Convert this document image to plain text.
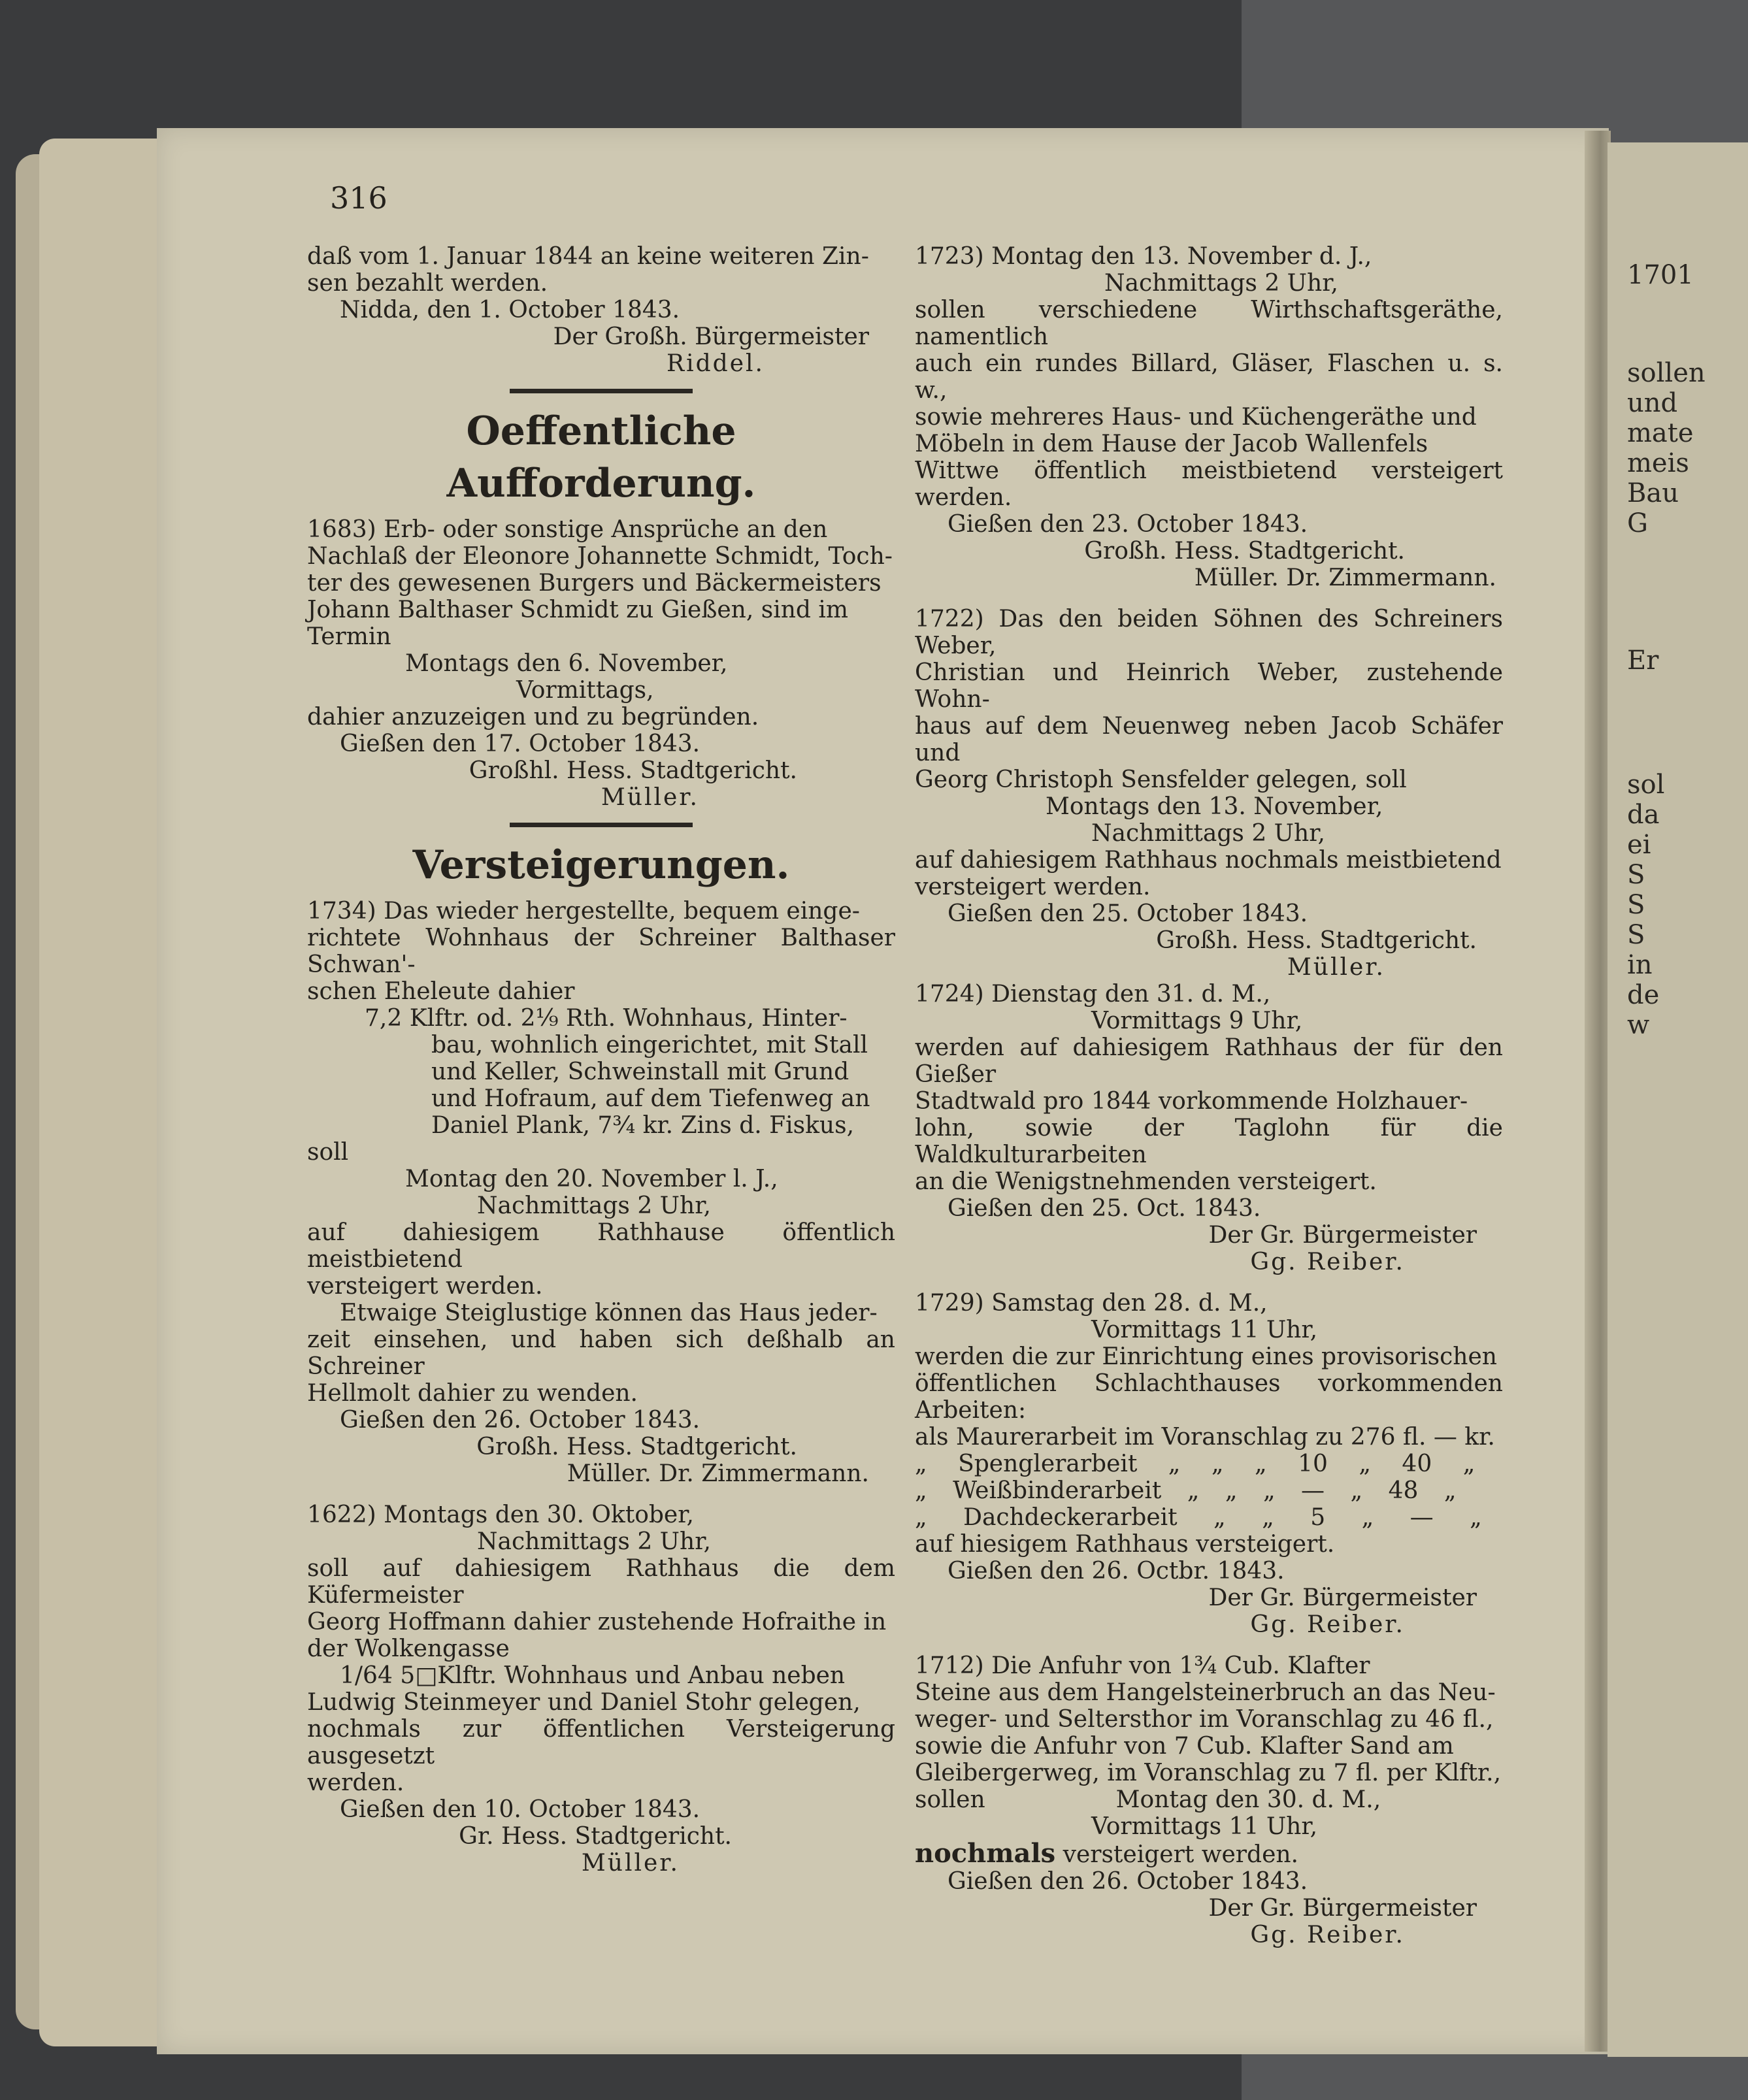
1701
sollen
und
mate
meis
Bau
G
Er
sol
da
ei
S
S
S
in
de
w
316

daß vom 1. Januar 1844 an keine weiteren Zin-

sen bezahlt werden.

Nidda, den 1. October 1843.

Der Großh. Bürgermeister

Riddel.

Oeffentliche Aufforderung.

1683) Erb- oder sonstige Ansprüche an den

Nachlaß der Eleonore Johannette Schmidt, Toch-

ter des gewesenen Burgers und Bäckermeisters

Johann Balthaser Schmidt zu Gießen, sind im

Termin

Montags den 6. November,

Vormittags,

dahier anzuzeigen und zu begründen.

Gießen den 17. October 1843.

Großhl. Hess. Stadtgericht.

Müller.

Versteigerungen.

1734) Das wieder hergestellte, bequem einge-

richtete Wohnhaus der Schreiner Balthaser Schwan'-

schen Eheleute dahier

7,2 Klftr. od. 2⅑ Rth. Wohnhaus, Hinter-

bau, wohnlich eingerichtet, mit Stall

und Keller, Schweinstall mit Grund

und Hofraum, auf dem Tiefenweg an

Daniel Plank, 7¾ kr. Zins d. Fiskus,

soll

Montag den 20. November l. J.,

Nachmittags 2 Uhr,

auf dahiesigem Rathhause öffentlich meistbietend

versteigert werden.

Etwaige Steiglustige können das Haus jeder-

zeit einsehen, und haben sich deßhalb an Schreiner

Hellmolt dahier zu wenden.

Gießen den 26. October 1843.

Großh. Hess. Stadtgericht.

Müller. Dr. Zimmermann.

1622) Montags den 30. Oktober,

Nachmittags 2 Uhr,

soll auf dahiesigem Rathhaus die dem Küfermeister

Georg Hoffmann dahier zustehende Hofraithe in

der Wolkengasse

1/64 5□Klftr. Wohnhaus und Anbau neben

Ludwig Steinmeyer und Daniel Stohr gelegen,

nochmals zur öffentlichen Versteigerung ausgesetzt

werden.

Gießen den 10. October 1843.

Gr. Hess. Stadtgericht.

Müller.

1723) Montag den 13. November d. J.,

Nachmittags 2 Uhr,

sollen verschiedene Wirthschaftsgeräthe, namentlich

auch ein rundes Billard, Gläser, Flaschen u. s. w.,

sowie mehreres Haus- und Küchengeräthe und

Möbeln in dem Hause der Jacob Wallenfels

Wittwe öffentlich meistbietend versteigert werden.

Gießen den 23. October 1843.

Großh. Hess. Stadtgericht.

Müller. Dr. Zimmermann.

1722) Das den beiden Söhnen des Schreiners Weber,

Christian und Heinrich Weber, zustehende Wohn-

haus auf dem Neuenweg neben Jacob Schäfer und

Georg Christoph Sensfelder gelegen, soll

Montags den 13. November,

Nachmittags 2 Uhr,

auf dahiesigem Rathhaus nochmals meistbietend

versteigert werden.

Gießen den 25. October 1843.

Großh. Hess. Stadtgericht.

Müller.

1724) Dienstag den 31. d. M.,

Vormittags 9 Uhr,

werden auf dahiesigem Rathhaus der für den Gießer

Stadtwald pro 1844 vorkommende Holzhauer-

lohn, sowie der Taglohn für die Waldkulturarbeiten

an die Wenigstnehmenden versteigert.

Gießen den 25. Oct. 1843.

Der Gr. Bürgermeister

Gg. Reiber.

1729) Samstag den 28. d. M.,

Vormittags 11 Uhr,

werden die zur Einrichtung eines provisorischen

öffentlichen Schlachthauses vorkommenden Arbeiten:

als Maurerarbeit im Voranschlag zu 276 fl. — kr.

„ Spenglerarbeit „ „ „ 10 „ 40 „

„ Weißbinderarbeit „ „ „ — „ 48 „

„ Dachdeckerarbeit „ „ 5 „ — „

auf hiesigem Rathhaus versteigert.

Gießen den 26. Octbr. 1843.

Der Gr. Bürgermeister

Gg. Reiber.

1712) Die Anfuhr von 1¾ Cub. Klafter

Steine aus dem Hangelsteinerbruch an das Neu-

weger- und Seltersthor im Voranschlag zu 46 fl.,

sowie die Anfuhr von 7 Cub. Klafter Sand am

Gleibergerweg, im Voranschlag zu 7 fl. per Klftr.,

sollen	Montag den 30. d. M.,

Vormittags 11 Uhr,

nochmals versteigert werden.

Gießen den 26. October 1843.

Der Gr. Bürgermeister

Gg. Reiber.
